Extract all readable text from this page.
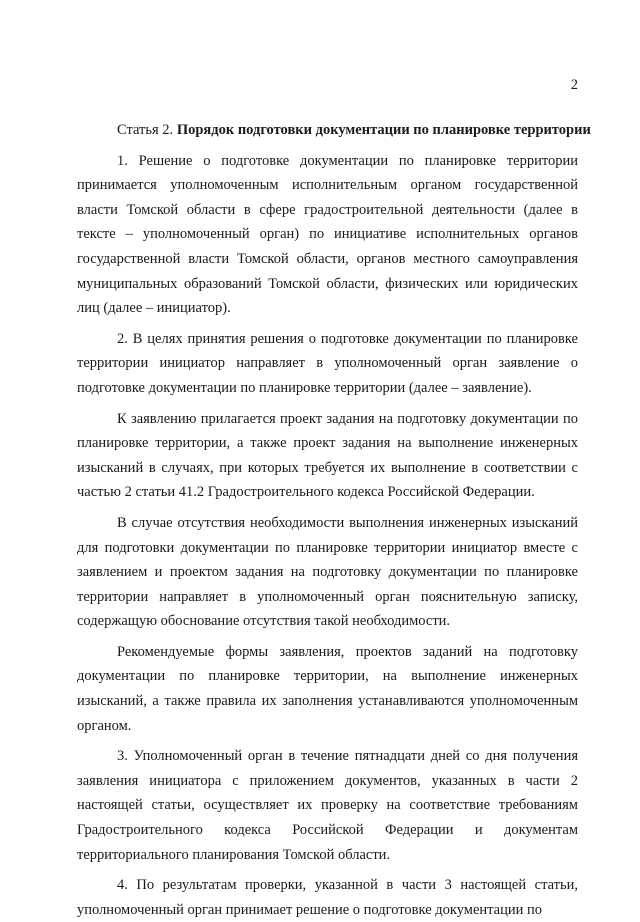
2

Статья 2. Порядок подготовки документации по планировке территории

1. Решение о подготовке документации по планировке территории принимается уполномоченным исполнительным органом государственной власти Томской области в сфере градостроительной деятельности (далее в тексте – уполномоченный орган) по инициативе исполнительных органов государственной власти Томской области, органов местного самоуправления муниципальных образований Томской области, физических или юридических лиц (далее – инициатор).

2. В целях принятия решения о подготовке документации по планировке территории инициатор направляет в уполномоченный орган заявление о подготовке документации по планировке территории (далее – заявление).

К заявлению прилагается проект задания на подготовку документации по планировке территории, а также проект задания на выполнение инженерных изысканий в случаях, при которых требуется их выполнение в соответствии с частью 2 статьи 41.2 Градостроительного кодекса Российской Федерации.

В случае отсутствия необходимости выполнения инженерных изысканий для подготовки документации по планировке территории инициатор вместе с заявлением и проектом задания на подготовку документации по планировке территории направляет в уполномоченный орган пояснительную записку, содержащую обоснование отсутствия такой необходимости.

Рекомендуемые формы заявления, проектов заданий на подготовку документации по планировке территории, на выполнение инженерных изысканий, а также правила их заполнения устанавливаются уполномоченным органом.

3. Уполномоченный орган в течение пятнадцати дней со дня получения заявления инициатора с приложением документов, указанных в части 2 настоящей статьи, осуществляет их проверку на соответствие требованиям Градостроительного кодекса Российской Федерации и документам территориального планирования Томской области.

4. По результатам проверки, указанной в части 3 настоящей статьи, уполномоченный орган принимает решение о подготовке документации по
